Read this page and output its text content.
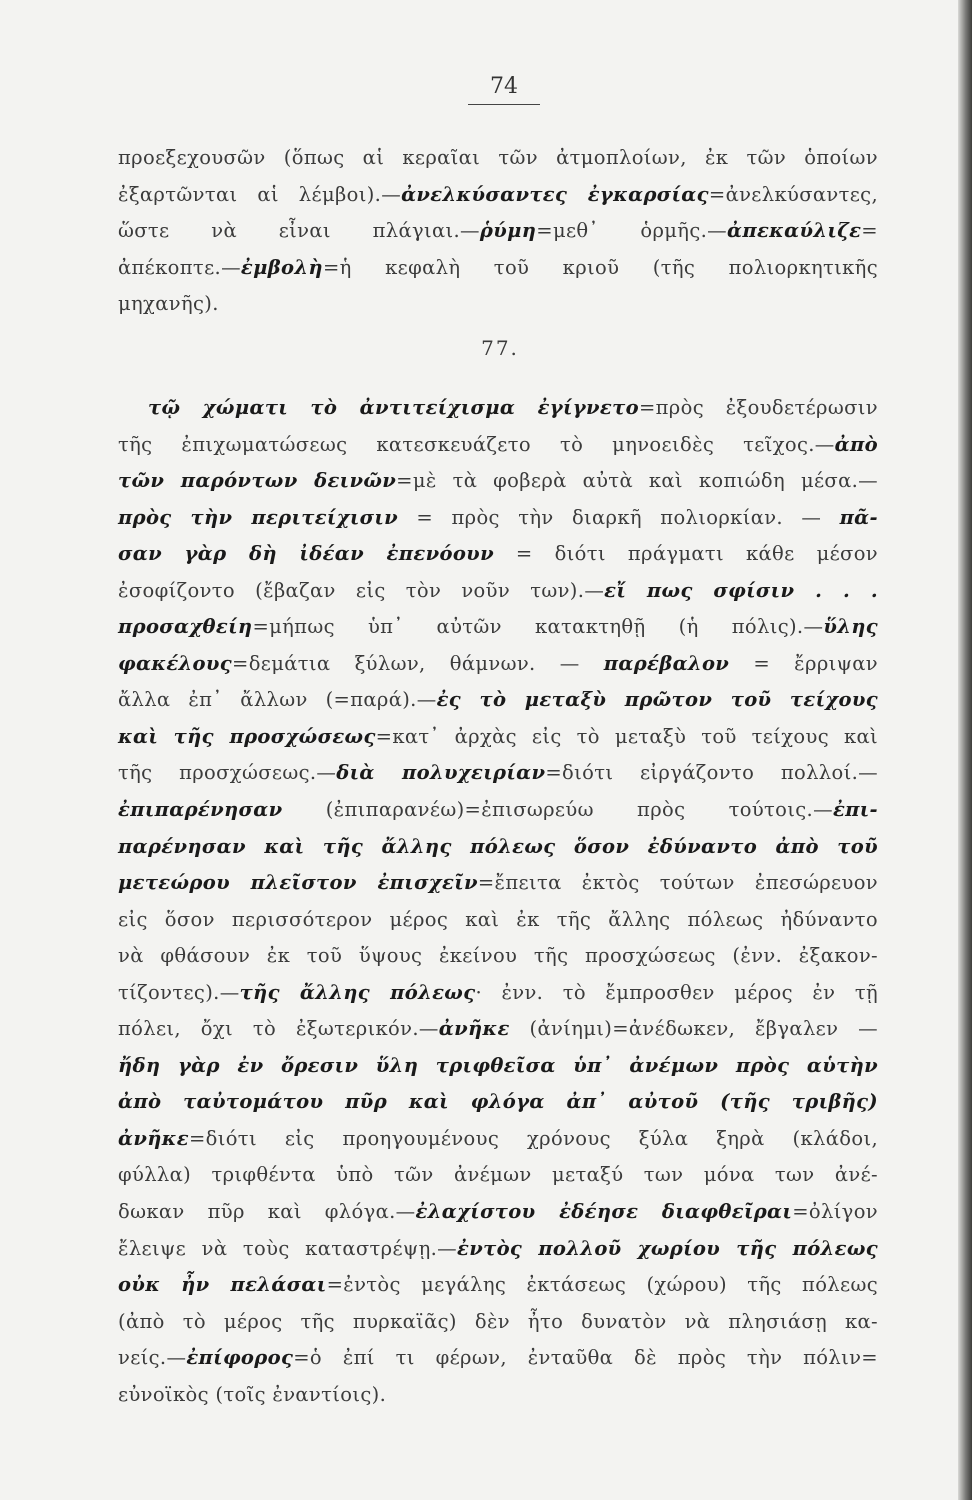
74
προεξεχουσῶν (ὅπως αἱ κεραῖαι τῶν ἀτμοπλοίων, ἐκ τῶν ὁποίων
ἐξαρτῶνται αἱ λέμβοι).—ἀνελκύσαντες ἐγκαρσίας=ἀνελκύσαντες,
ὥστε νὰ εἶναι πλάγιαι.—ῥύμη=μεθ᾽ ὁρμῆς.—ἀπεκαύλιζε=
ἀπέκοπτε.—ἐμβολὴ=ἡ κεφαλὴ τοῦ κριοῦ (τῆς πολιορκητικῆς
μηχανῆς).
77.
τῷ χώματι τὸ ἀντιτείχισμα ἐγίγνετο=πρὸς ἐξουδετέρωσιν
τῆς ἐπιχωματώσεως κατεσκευάζετο τὸ μηνοειδὲς τεῖχος.—ἀπὸ
τῶν παρόντων δεινῶν=μὲ τὰ φοβερὰ αὐτὰ καὶ κοπιώδη μέσα.—
πρὸς τὴν περιτείχισιν = πρὸς τὴν διαρκῆ πολιορκίαν. — πᾶ-
σαν γὰρ δὴ ἰδέαν ἐπενόουν = διότι πράγματι κάθε μέσον
ἐσοφίζοντο (ἔβαζαν εἰς τὸν νοῦν των).—εἴ πως σφίσιν . . .
προσαχθείη=μήπως ὑπ᾽ αὐτῶν κατακτηθῇ (ἡ πόλις).—ὕλης
φακέλους=δεμάτια ξύλων, θάμνων. — παρέβαλον = ἔρριψαν
ἄλλα ἐπ᾽ ἄλλων (=παρά).—ἐς τὸ μεταξὺ πρῶτον τοῦ τείχους
καὶ τῆς προσχώσεως=κατ᾽ ἀρχὰς εἰς τὸ μεταξὺ τοῦ τείχους καὶ
τῆς προσχώσεως.—διὰ πολυχειρίαν=διότι εἰργάζοντο πολλοί.—
ἐπιπαρένησαν (ἐπιπαρανέω)=ἐπισωρεύω πρὸς τούτοις.—ἐπι-
παρένησαν καὶ τῆς ἄλλης πόλεως ὅσον ἐδύναντο ἀπὸ τοῦ
μετεώρου πλεῖστον ἐπισχεῖν=ἔπειτα ἐκτὸς τούτων ἐπεσώρευον
εἰς ὅσον περισσότερον μέρος καὶ ἐκ τῆς ἄλλης πόλεως ἠδύναντο
νὰ φθάσουν ἐκ τοῦ ὕψους ἐκείνου τῆς προσχώσεως (ἐνν. ἐξακον-
τίζοντες).—τῆς ἄλλης πόλεως· ἐνν. τὸ ἔμπροσθεν μέρος ἐν τῇ
πόλει, ὄχι τὸ ἐξωτερικόν.—ἀνῆκε (ἀνίημι)=ἀνέδωκεν, ἔβγαλεν —
ἤδη γὰρ ἐν ὄρεσιν ὕλη τριφθεῖσα ὑπ᾽ ἀνέμων πρὸς αὑτὴν
ἀπὸ ταὐτομάτου πῦρ καὶ φλόγα ἀπ᾽ αὐτοῦ (τῆς τριβῆς)
ἀνῆκε=διότι εἰς προηγουμένους χρόνους ξύλα ξηρὰ (κλάδοι,
φύλλα) τριφθέντα ὑπὸ τῶν ἀνέμων μεταξύ των μόνα των ἀνέ-
δωκαν πῦρ καὶ φλόγα.—ἐλαχίστου ἐδέησε διαφθεῖραι=ὀλίγον
ἔλειψε νὰ τοὺς καταστρέψῃ.—ἐντὸς πολλοῦ χωρίου τῆς πόλεως
οὐκ ἦν πελάσαι=ἐντὸς μεγάλης ἐκτάσεως (χώρου) τῆς πόλεως
(ἀπὸ τὸ μέρος τῆς πυρκαϊᾶς) δὲν ἦτο δυνατὸν νὰ πλησιάσῃ κα-
νείς.—ἐπίφορος=ὁ ἐπί τι φέρων, ἐνταῦθα δὲ πρὸς τὴν πόλιν=
εὐνοϊκὸς (τοῖς ἐναντίοις).
